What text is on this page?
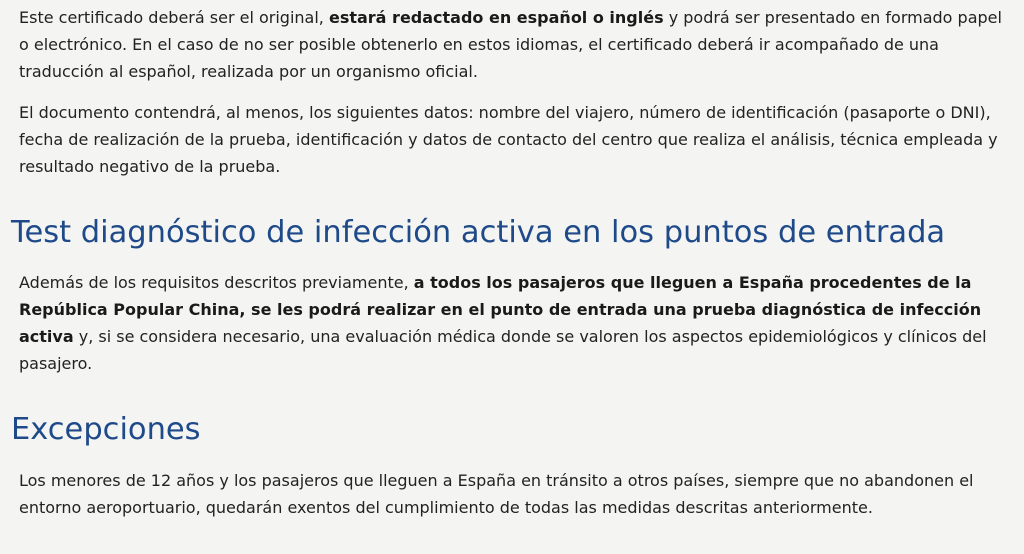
Este certificado deberá ser el original, estará redactado en español o inglés y podrá ser presentado en formado papel o electrónico. En el caso de no ser posible obtenerlo en estos idiomas, el certificado deberá ir acompañado de una traducción al español, realizada por un organismo oficial.

El documento contendrá, al menos, los siguientes datos: nombre del viajero, número de identificación (pasaporte o DNI), fecha de realización de la prueba, identificación y datos de contacto del centro que realiza el análisis, técnica empleada y resultado negativo de la prueba.

Test diagnóstico de infección activa en los puntos de entrada

Además de los requisitos descritos previamente, a todos los pasajeros que lleguen a España procedentes de la República Popular China, se les podrá realizar en el punto de entrada una prueba diagnóstica de infección activa y, si se considera necesario, una evaluación médica donde se valoren los aspectos epidemiológicos y clínicos del pasajero.

Excepciones

Los menores de 12 años y los pasajeros que lleguen a España en tránsito a otros países, siempre que no abandonen el entorno aeroportuario, quedarán exentos del cumplimiento de todas las medidas descritas anteriormente.
